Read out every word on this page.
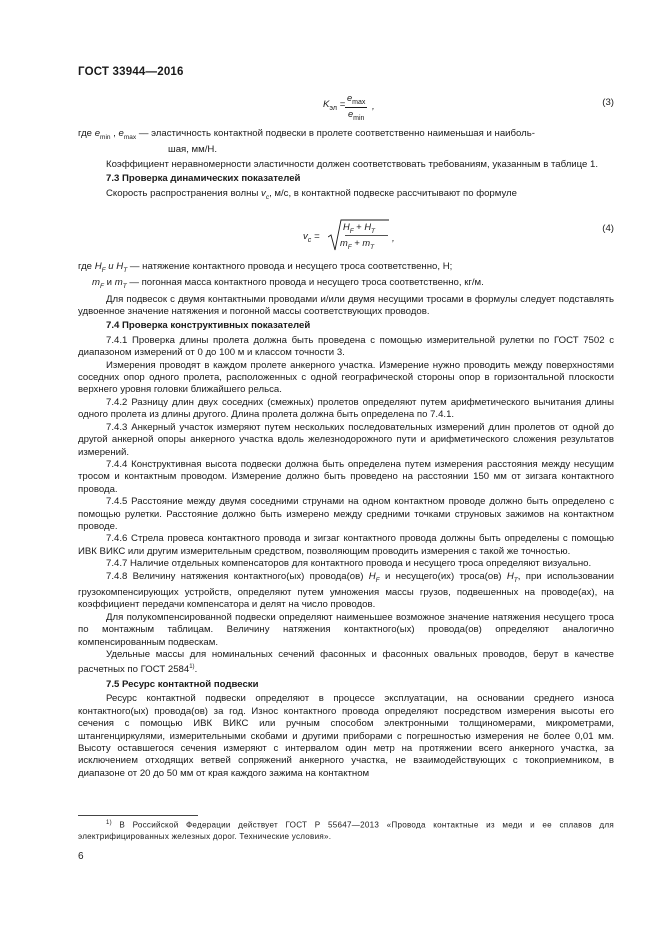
ГОСТ 33944—2016
$K_{эл}$ =
$e_{max}$
$e_{min}$
,	(3)

где $e_{min}$ , $e_{max}$ — эластичность контактной подвески в пролете соответственно наименьшая и наиболь-
шая, мм/Н.

Коэффициент неравномерности эластичности должен соответствовать требованиям, указанным в таблице 1.

7.3 Проверка динамических показателей

Скорость распространения волны $v_c$, м/с, в контактной подвеске рассчитывают по формуле

$v_c$ =
$H_F + H_T$
$m_F + m_T$
,
(4)

где $H_F$ u $H_T$ — натяжение контактного провода и несущего троса соответственно, Н;

$m_F$ и $m_T$ — погонная масса контактного провода и несущего троса соответственно, кг/м.

Для подвесок с двумя контактными проводами и/или двумя несущими тросами в формулы следует подставлять удвоенное значение натяжения и погонной массы соответствующих проводов.

7.4 Проверка конструктивных показателей

7.4.1 Проверка длины пролета должна быть проведена с помощью измерительной рулетки по ГОСТ 7502 с диапазоном измерений от 0 до 100 м и классом точности 3.

Измерения проводят в каждом пролете анкерного участка. Измерение нужно проводить между поверхностями соседних опор одного пролета, расположенных с одной географической стороны опор в горизонтальной плоскости верхнего уровня головки ближайшего рельса.

7.4.2 Разницу длин двух соседних (смежных) пролетов определяют путем арифметического вычитания длины одного пролета из длины другого. Длина пролета должна быть определена по 7.4.1.

7.4.3 Анкерный участок измеряют путем нескольких последовательных измерений длин пролетов от одной до другой анкерной опоры анкерного участка вдоль железнодорожного пути и арифметического сложения результатов измерений.

7.4.4 Конструктивная высота подвески должна быть определена путем измерения расстояния между несущим тросом и контактным проводом. Измерение должно быть проведено на расстоянии 150 мм от зигзага контактного провода.

7.4.5 Расстояние между двумя соседними струнами на одном контактном проводе должно быть определено с помощью рулетки. Расстояние должно быть измерено между средними точками струновых зажимов на контактном проводе.

7.4.6 Стрела провеса контактного провода и зигзаг контактного провода должны быть определены с помощью ИВК ВИКС или другим измерительным средством, позволяющим проводить измерения с такой же точностью.

7.4.7 Наличие отдельных компенсаторов для контактного провода и несущего троса определяют визуально.

7.4.8 Величину натяжения контактного(ых) провода(ов) $H_F$ и несущего(их) троса(ов) $H_T$, при использовании грузокомпенсирующих устройств, определяют путем умножения массы грузов, подвешенных на проводе(ах), на коэффициент передачи компенсатора и делят на число проводов.

Для полукомпенсированной подвески определяют наименьшее возможное значение натяжения несущего троса по монтажным таблицам. Величину натяжения контактного(ых) провода(ов) определяют аналогично компенсированным подвескам.

Удельные массы для номинальных сечений фасонных и фасонных овальных проводов, берут в качестве расчетных по ГОСТ 2584$^{1)}$.

7.5 Ресурс контактной подвески

Ресурс контактной подвески определяют в процессе эксплуатации, на основании среднего износа контактного(ых) провода(ов) за год. Износ контактного провода определяют посредством измерения высоты его сечения с помощью ИВК ВИКС или ручным способом электронными толщиномерами, микрометрами, штангенциркулями, измерительными скобами и другими приборами с погрешностью измерения не более 0,01 мм. Высоту оставшегося сечения измеряют с интервалом один метр на протяжении всего анкерного участка, за исключением отходящих ветвей сопряжений анкерного участка, не взаимодействующих с токоприемником, в диапазоне от 20 до 50 мм от края каждого зажима на контактном

$^{1)}$ В Российской Федерации действует ГОСТ Р 55647—2013 «Провода контактные из меди и ее сплавов для электрифицированных железных дорог. Технические условия».
6
